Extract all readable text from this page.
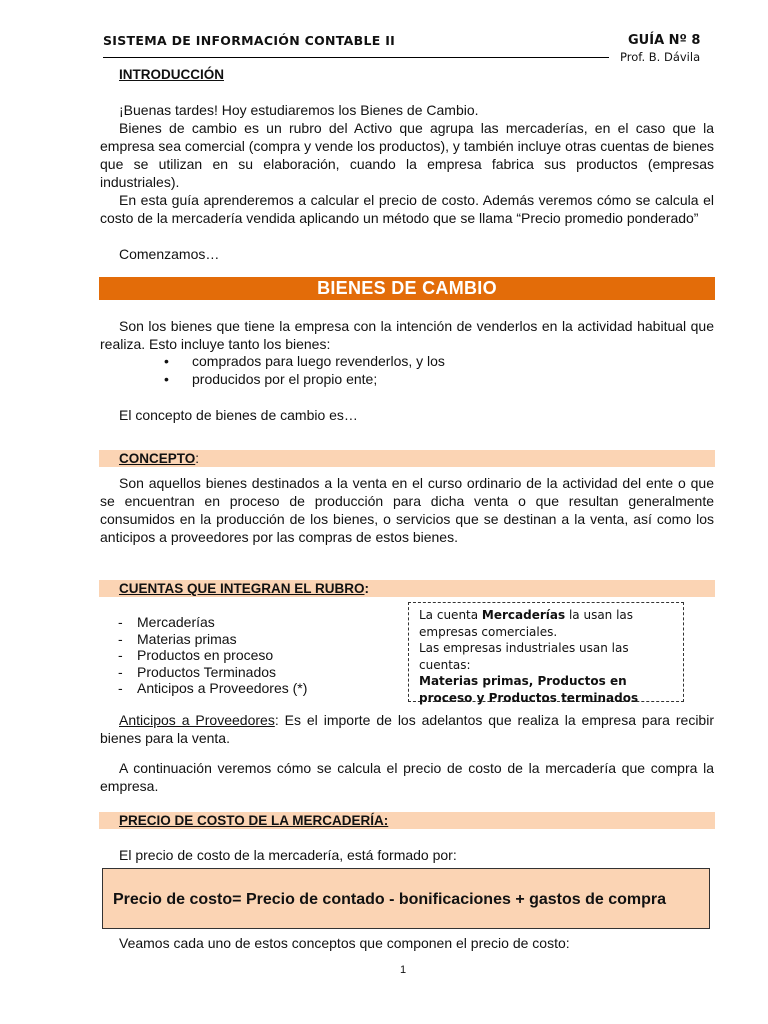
SISTEMA DE INFORMACIÓN CONTABLE II	GUÍA Nº 8
Prof. B. Dávila
INTRODUCCIÓN
¡Buenas tardes! Hoy estudiaremos los Bienes de Cambio.
Bienes de cambio es un rubro del Activo que agrupa las mercaderías, en el caso que la empresa sea comercial (compra y vende los productos), y también incluye otras cuentas de bienes que se utilizan en su elaboración, cuando la empresa fabrica sus productos (empresas industriales).
En esta guía aprenderemos a calcular el precio de costo. Además veremos cómo se calcula el costo de la mercadería vendida aplicando un método que se llama “Precio promedio ponderado”
Comenzamos…
BIENES DE CAMBIO
Son los bienes que tiene la empresa con la intención de venderlos en la actividad habitual que realiza. Esto incluye tanto los bienes:
• comprados para luego revenderlos, y los
• producidos por el propio ente;
El concepto de bienes de cambio es…
CONCEPTO:
Son aquellos bienes destinados a la venta en el curso ordinario de la actividad del ente o que se encuentran en proceso de producción para dicha venta o que resultan generalmente consumidos en la producción de los bienes, o servicios que se destinan a la venta, así como los anticipos a proveedores por las compras de estos bienes.
CUENTAS QUE INTEGRAN EL RUBRO:
- Mercaderías
- Materias primas
- Productos en proceso
- Productos Terminados
- Anticipos a Proveedores (*)
La cuenta Mercaderías la usan las empresas comerciales.
Las empresas industriales usan las cuentas:
Materias primas, Productos en proceso y Productos terminados
Anticipos a Proveedores: Es el importe de los adelantos que realiza la empresa para recibir bienes para la venta.
A continuación veremos cómo se calcula el precio de costo de la mercadería que compra la empresa.
PRECIO DE COSTO DE LA MERCADERÍA:
El precio de costo de la mercadería, está formado por:
Precio de costo= Precio de contado - bonificaciones + gastos de compra
Veamos cada uno de estos conceptos que componen el precio de costo:
1
